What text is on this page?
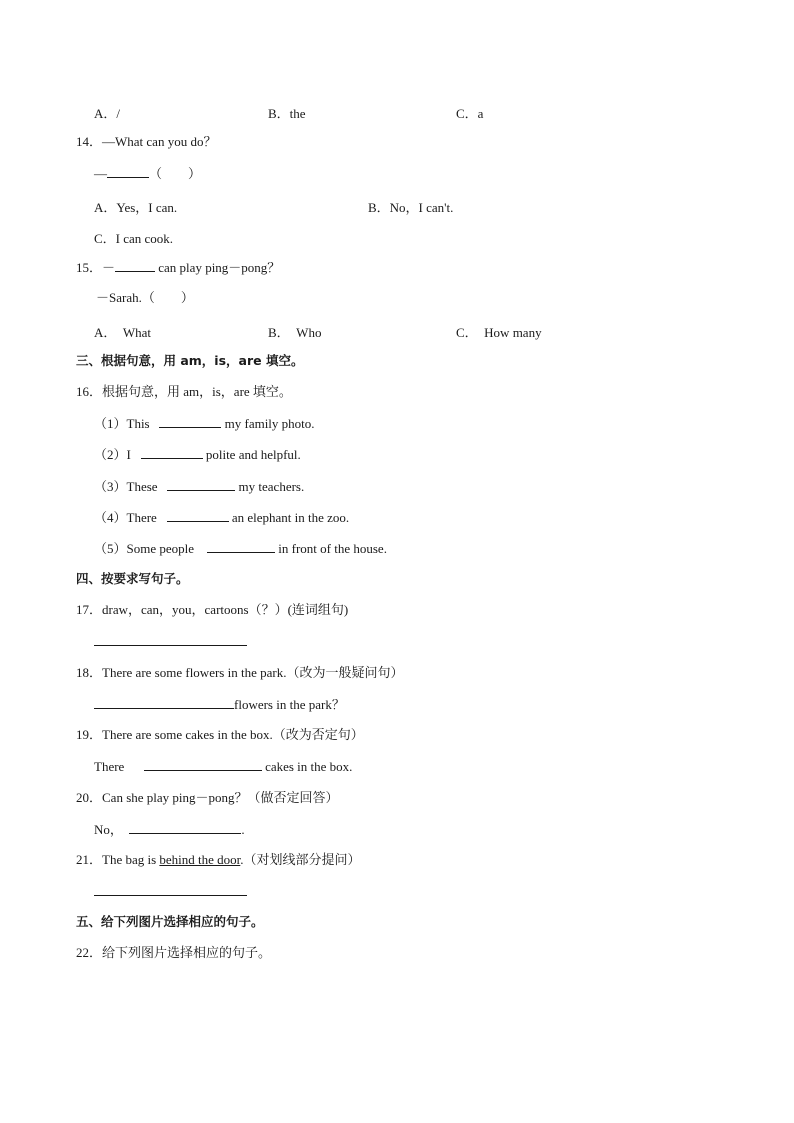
A．/	B．the	C．a
14．—What can you do？
—	（　　）
A．Yes，I can.	B．No，I can't.
C．I can cook.
15．－	can play ping－pong？
－Sarah.（　　）
A．　What	B．　Who	C．　How many
三、根据句意，用 am，is，are 填空。
16．根据句意，用 am，is，are 填空。
（1）This	my family photo.
（2）I	polite and helpful.
（3）These	my teachers.
（4）There	an elephant in the zoo.
（5）Some people	in front of the house.
四、按要求写句子。
17．draw，can，you，cartoons（？）(连词组句)
18．There are some flowers in the park.（改为一般疑问句）
flowers in the park？
19．There are some cakes in the box.（改为否定句）
There	cakes in the box.
20．Can she play ping－pong？（做否定回答）
No，	.
21．The bag is behind the door.（对划线部分提问）
五、给下列图片选择相应的句子。
22．给下列图片选择相应的句子。
